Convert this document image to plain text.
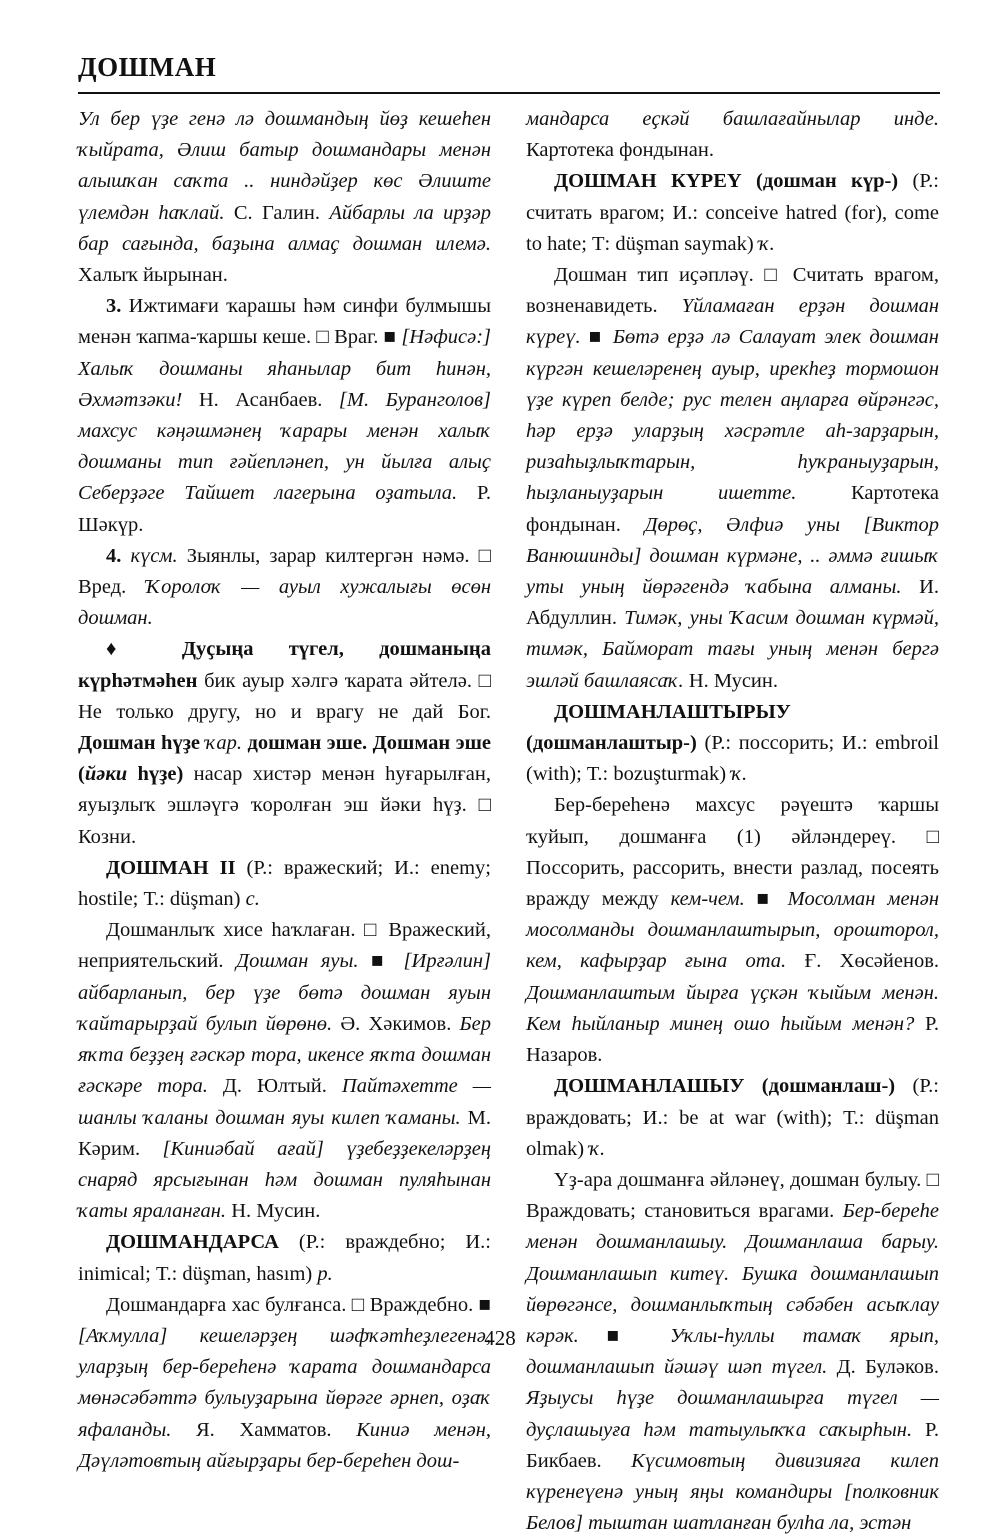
ДОШМАН

Ул бер үҙе генә лә дошмандың йөҙ кешеһен ҡыйрата, Әлиш батыр дошмандары менән алышҡан саҡта .. ниндәйҙер көс Әлиште үлемдән һаҡлай. С. Галин. Айбарлы ла ирҙәр бар сағында, баҙына алмаҫ дошман илемә. Халыҡ йырынан.

3. Ижтимағи ҡарашы һәм синфи булмышы менән ҡапма-ҡаршы кеше. □ Враг. ■ [Нәфисә:] Халыҡ дошманы яһанылар бит һинән, Әхмәтзәки! Н. Асанбаев. [М. Буранголов] махсус кәңәшмәнең ҡарары менән халыҡ дошманы тип ғәйепләнеп, ун йылға алыҫ Себерҙәге Тайшет лагерына оҙатыла. Р. Шәкүр.

4. күсм. Зыянлы, зарар килтергән нәмә. □ Вред. Ҡоролоҡ — ауыл хужалығы өсөн дошман.

♦ Дуҫыңа түгел, дошманыңа күрһәтмәһен бик ауыр хәлгә ҡарата әйтелә. □ Не только другу, но и врагу не дай Бог. Дошман һүҙе ҡар. дошман эше. Дошман эше (йәки һүҙе) насар хистәр менән һуғарылған, яуыҙлыҡ эшләүгә ҡоролған эш йәки һүҙ. □ Козни.

ДОШМАН II (Р.: вражеский; И.: enemy; hostile; Т.: düşman) с.

Дошманлыҡ хисе һаҡлаған. □ Вражеский, неприятельский. Дошман яуы. ■ [Ирғәлин] айбарланып, бер үҙе бөтә дошман яуын ҡайтарырҙай булып йөрөнө. Ә. Хәкимов. Бер яҡта беҙҙең ғәскәр тора, икенсе яҡта дошман ғәскәре тора. Д. Юлтый. Пайтәхетте — шанлы ҡаланы дошман яуы килеп ҡаманы. М. Кәрим. [Киниәбай ағай] үҙебеҙҙекеләрҙең снаряд ярсығынан һәм дошман пуляһынан ҡаты яраланған. Н. Мусин.

ДОШМАНДАРСА (Р.: враждебно; И.: inimical; Т.: düşman, hasım) р.

Дошмандарға хас булғанса. □ Враждебно. ■ [Аҡмулла] кешеләрҙең шәфҡәтһеҙлегенә, уларҙың бер-береһенә ҡарата дошмандарса мөнәсәбәттә булыуҙарына йөрәге әрнеп, оҙаҡ яфаланды. Я. Хамматов. Киниә менән, Дәүләтовтың айғырҙары бер-береһен дош-

мандарса еҫкәй башлағайнылар инде. Картотека фондынан.

ДОШМАН КҮРЕҮ (дошман күр-) (Р.: считать врагом; И.: conceive hatred (for), come to hate; Т: düşman saymak) ҡ.

Дошман тип иҫәпләү. □ Считать врагом, возненавидеть. Үйламаған ерҙән дошман күреү. ■ Бөтә ерҙә лә Салауат элек дошман күргән кешеләренең ауыр, ирекһеҙ тормошон үҙе күреп белде; рус телен аңларға өйрәнгәс, һәр ерҙә уларҙың хәсрәтле аһ-зарҙарын, ризаһыҙлыҡтарын, һуҡраныуҙарын, һыҙланыуҙарын ишетте. Картотека фондынан. Дөрөҫ, Әлфиә уны [Виктор Ванюшинды] дошман күрмәне, .. әммә ғишыҡ уты уның йөрәгендә ҡабына алманы. И. Абдуллин. Тимәк, уны Ҡасим дошман күрмәй, тимәк, Байморат тағы уның менән бергә эшләй башлаясаҡ. Н. Мусин.

ДОШМАНЛАШТЫРЫУ (дошманлаштыр-) (Р.: поссорить; И.: embroil (with); Т.: bozuşturmak) ҡ.

Бер-береһенә махсус рәүештә ҡаршы ҡуйып, дошманға (1) әйләндереү. □ Поссорить, рассорить, внести разлад, посеять вражду между кем-чем. ■ Мосолман менән мосолманды дошманлаштырып, орошторол, кем, кафырҙар ғына ота. Ғ. Хөсәйенов. Дошманлаштым йырға үҫкән ҡыйым менән. Кем һыйланыр минең ошо һыйым менән? Р. Назаров.

ДОШМАНЛАШЫУ (дошманлаш-) (Р.: враждовать; И.: be at war (with); Т.: düşman olmak) ҡ.

Үҙ-ара дошманға әйләнеү, дошман булыу. □ Враждовать; становиться врагами. Бер-береһе менән дошманлашыу. Дошманлаша барыу. Дошманлашып китеү. Бушка дошманлашып йөрөгәнсе, дошманлыҡтың сәбәбен асыҡлау кәрәк. ■ Уҡлы-һуллы тамаҡ ярып, дошманлашып йәшәү шәп түгел. Д. Буләков. Яҙыусы һүҙе дошманлашырға түгел — дуҫлашыуға һәм татыулыҡҡа саҡырһын. Р. Бикбаев. Күсимовтың дивизияға килеп күренеүенә уның яңы командиры [полковник Белов] тыштан шатланған булһа ла, эстән

428
